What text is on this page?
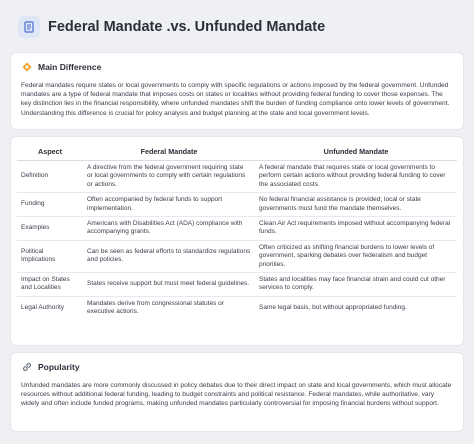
Federal Mandate .vs. Unfunded Mandate
Main Difference

Federal mandates require states or local governments to comply with specific regulations or actions imposed by the federal government. Unfunded mandates are a type of federal mandate that imposes costs on states or localities without providing federal funding to cover those expenses. The key distinction lies in the financial responsibility, where unfunded mandates shift the burden of funding compliance onto lower levels of government. Understanding this difference is crucial for policy analysis and budget planning at the state and local government levels.

Aspect	Federal Mandate	Unfunded Mandate
Definition	A directive from the federal government requiring state or local governments to comply with certain regulations or actions.	A federal mandate that requires state or local governments to perform certain actions without providing federal funding to cover the associated costs.
Funding	Often accompanied by federal funds to support implementation.	No federal financial assistance is provided; local or state governments must fund the mandate themselves.
Examples	Americans with Disabilities Act (ADA) compliance with accompanying grants.	Clean Air Act requirements imposed without accompanying federal funds.
Political Implications	Can be seen as federal efforts to standardize regulations and policies.	Often criticized as shifting financial burdens to lower levels of government, sparking debates over federalism and budget priorities.
Impact on States and Localities	States receive support but must meet federal guidelines.	States and localities may face financial strain and could cut other services to comply.
Legal Authority	Mandates derive from congressional statutes or executive actions.	Same legal basis, but without appropriated funding.
Popularity

Unfunded mandates are more commonly discussed in policy debates due to their direct impact on state and local governments, which must allocate resources without additional federal funding, leading to budget constraints and political resistance. Federal mandates, while authoritative, vary widely and often include funded programs, making unfunded mandates particularly controversial for imposing financial burdens without support.
